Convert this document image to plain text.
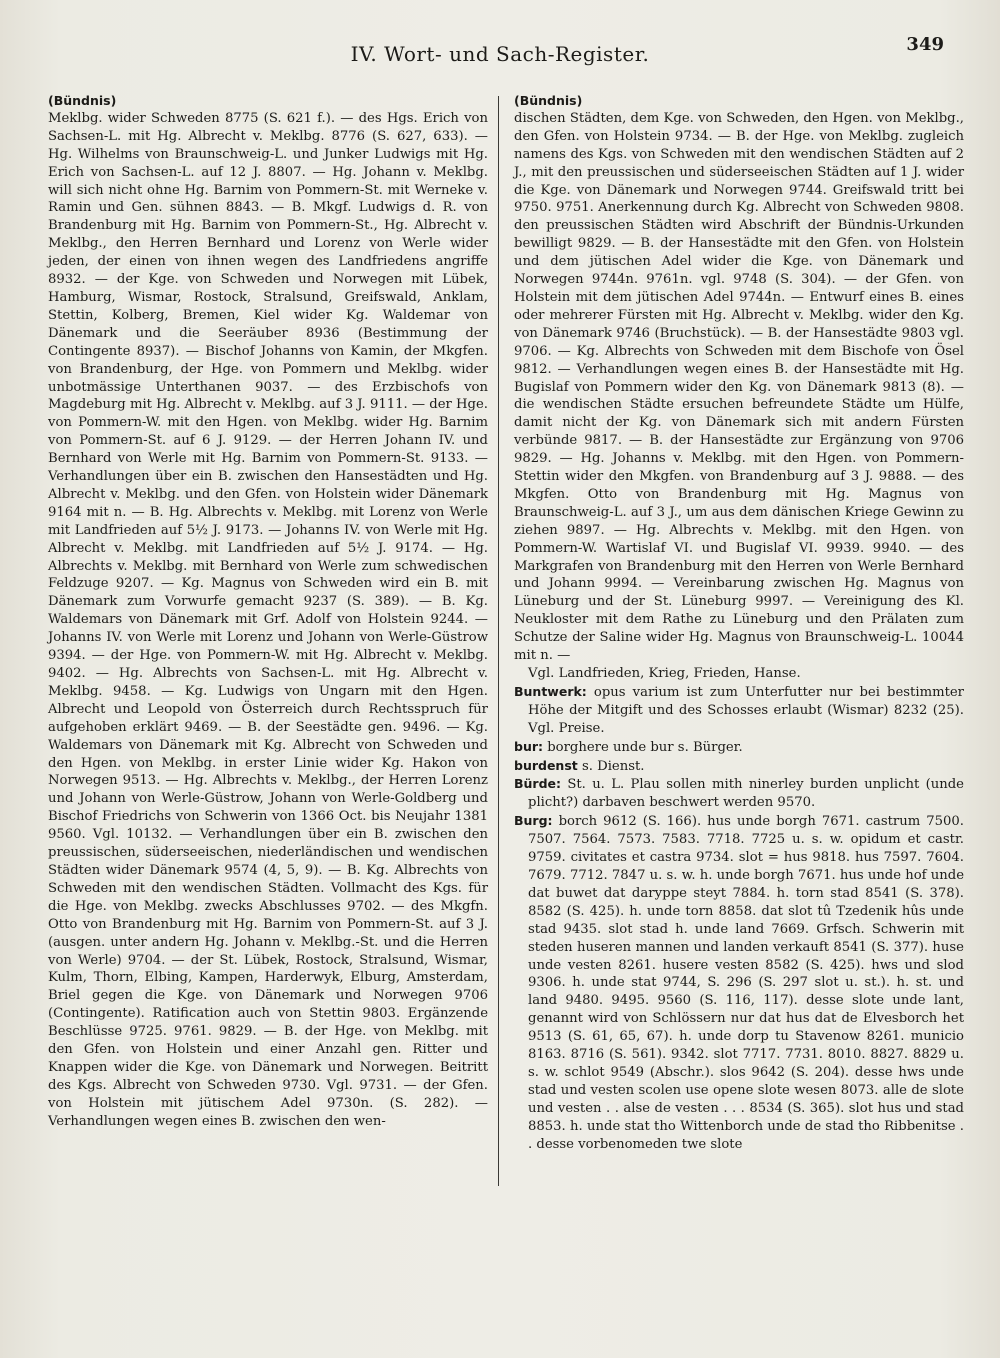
IV. Wort- und Sach-Register.	349
(Bündnis)

Meklbg. wider Schweden 8775 (S. 621 f.). — des Hgs. Erich von Sachsen-L. mit Hg. Albrecht v. Meklbg. 8776 (S. 627, 633). — Hg. Wilhelms von Braunschweig-L. und Junker Ludwigs mit Hg. Erich von Sachsen-L. auf 12 J. 8807. — Hg. Johann v. Meklbg. will sich nicht ohne Hg. Barnim von Pommern-St. mit Werneke v. Ramin und Gen. sühnen 8843. — B. Mkgf. Ludwigs d. R. von Brandenburg mit Hg. Barnim von Pommern-St., Hg. Albrecht v. Meklbg., den Herren Bernhard und Lorenz von Werle wider jeden, der einen von ihnen wegen des Landfriedens angriffe 8932. — der Kge. von Schweden und Norwegen mit Lübek, Hamburg, Wismar, Rostock, Stralsund, Greifswald, Anklam, Stettin, Kolberg, Bremen, Kiel wider Kg. Waldemar von Dänemark und die Seeräuber 8936 (Bestimmung der Contingente 8937). — Bischof Johanns von Kamin, der Mkgfen. von Brandenburg, der Hge. von Pommern und Meklbg. wider unbotmässige Unterthanen 9037. — des Erzbischofs von Magdeburg mit Hg. Albrecht v. Meklbg. auf 3 J. 9111. — der Hge. von Pommern-W. mit den Hgen. von Meklbg. wider Hg. Barnim von Pommern-St. auf 6 J. 9129. — der Herren Johann IV. und Bernhard von Werle mit Hg. Barnim von Pommern-St. 9133. — Verhandlungen über ein B. zwischen den Hansestädten und Hg. Albrecht v. Meklbg. und den Gfen. von Holstein wider Dänemark 9164 mit n. — B. Hg. Albrechts v. Meklbg. mit Lorenz von Werle mit Landfrieden auf 5½ J. 9173. — Johanns IV. von Werle mit Hg. Albrecht v. Meklbg. mit Landfrieden auf 5½ J. 9174. — Hg. Albrechts v. Meklbg. mit Bernhard von Werle zum schwedischen Feldzuge 9207. — Kg. Magnus von Schweden wird ein B. mit Dänemark zum Vorwurfe gemacht 9237 (S. 389). — B. Kg. Waldemars von Dänemark mit Grf. Adolf von Holstein 9244. — Johanns IV. von Werle mit Lorenz und Johann von Werle-Güstrow 9394. — der Hge. von Pommern-W. mit Hg. Albrecht v. Meklbg. 9402. — Hg. Albrechts von Sachsen-L. mit Hg. Albrecht v. Meklbg. 9458. — Kg. Ludwigs von Ungarn mit den Hgen. Albrecht und Leopold von Österreich durch Rechtsspruch für aufgehoben erklärt 9469. — B. der Seestädte gen. 9496. — Kg. Waldemars von Dänemark mit Kg. Albrecht von Schweden und den Hgen. von Meklbg. in erster Linie wider Kg. Hakon von Norwegen 9513. — Hg. Albrechts v. Meklbg., der Herren Lorenz und Johann von Werle-Güstrow, Johann von Werle-Goldberg und Bischof Friedrichs von Schwerin von 1366 Oct. bis Neujahr 1381 9560. Vgl. 10132. — Verhandlungen über ein B. zwischen den preussischen, süderseeischen, niederländischen und wendischen Städten wider Dänemark 9574 (4, 5, 9). — B. Kg. Albrechts von Schweden mit den wendischen Städten. Vollmacht des Kgs. für die Hge. von Meklbg. zwecks Abschlusses 9702. — des Mkgfn. Otto von Brandenburg mit Hg. Barnim von Pommern-St. auf 3 J. (ausgen. unter andern Hg. Johann v. Meklbg.-St. und die Herren von Werle) 9704. — der St. Lübek, Rostock, Stralsund, Wismar, Kulm, Thorn, Elbing, Kampen, Harderwyk, Elburg, Amsterdam, Briel gegen die Kge. von Dänemark und Norwegen 9706 (Contingente). Ratification auch von Stettin 9803. Ergänzende Beschlüsse 9725. 9761. 9829. — B. der Hge. von Meklbg. mit den Gfen. von Holstein und einer Anzahl gen. Ritter und Knappen wider die Kge. von Dänemark und Norwegen. Beitritt des Kgs. Albrecht von Schweden 9730. Vgl. 9731. — der Gfen. von Holstein mit jütischem Adel 9730n. (S. 282). — Verhandlungen wegen eines B. zwischen den wen-

(Bündnis)

dischen Städten, dem Kge. von Schweden, den Hgen. von Meklbg., den Gfen. von Holstein 9734. — B. der Hge. von Meklbg. zugleich namens des Kgs. von Schweden mit den wendischen Städten auf 2 J., mit den preussischen und süderseeischen Städten auf 1 J. wider die Kge. von Dänemark und Norwegen 9744. Greifswald tritt bei 9750. 9751. Anerkennung durch Kg. Albrecht von Schweden 9808. den preussischen Städten wird Abschrift der Bündnis-Urkunden bewilligt 9829. — B. der Hansestädte mit den Gfen. von Holstein und dem jütischen Adel wider die Kge. von Dänemark und Norwegen 9744n. 9761n. vgl. 9748 (S. 304). — der Gfen. von Holstein mit dem jütischen Adel 9744n. — Entwurf eines B. eines oder mehrerer Fürsten mit Hg. Albrecht v. Meklbg. wider den Kg. von Dänemark 9746 (Bruchstück). — B. der Hansestädte 9803 vgl. 9706. — Kg. Albrechts von Schweden mit dem Bischofe von Ösel 9812. — Verhandlungen wegen eines B. der Hansestädte mit Hg. Bugislaf von Pommern wider den Kg. von Dänemark 9813 (8). — die wendischen Städte ersuchen befreundete Städte um Hülfe, damit nicht der Kg. von Dänemark sich mit andern Fürsten verbünde 9817. — B. der Hansestädte zur Ergänzung von 9706 9829. — Hg. Johanns v. Meklbg. mit den Hgen. von Pommern-Stettin wider den Mkgfen. von Brandenburg auf 3 J. 9888. — des Mkgfen. Otto von Brandenburg mit Hg. Magnus von Braunschweig-L. auf 3 J., um aus dem dänischen Kriege Gewinn zu ziehen 9897. — Hg. Albrechts v. Meklbg. mit den Hgen. von Pommern-W. Wartislaf VI. und Bugislaf VI. 9939. 9940. — des Markgrafen von Brandenburg mit den Herren von Werle Bernhard und Johann 9994. — Vereinbarung zwischen Hg. Magnus von Lüneburg und der St. Lüneburg 9997. — Vereinigung des Kl. Neukloster mit dem Rathe zu Lüneburg und den Prälaten zum Schutze der Saline wider Hg. Magnus von Braunschweig-L. 10044 mit n. —

Vgl. Landfrieden, Krieg, Frieden, Hanse.

Buntwerk: opus varium ist zum Unterfutter nur bei bestimmter Höhe der Mitgift und des Schosses erlaubt (Wismar) 8232 (25). Vgl. Preise.

bur: borghere unde bur s. Bürger.

burdenst s. Dienst.

Bürde: St. u. L. Plau sollen mith ninerley burden unplicht (unde plicht?) darbaven beschwert werden 9570.

Burg: borch 9612 (S. 166). hus unde borgh 7671. castrum 7500. 7507. 7564. 7573. 7583. 7718. 7725 u. s. w. opidum et castr. 9759. civitates et castra 9734. slot = hus 9818. hus 7597. 7604. 7679. 7712. 7847 u. s. w. h. unde borgh 7671. hus unde hof unde dat buwet dat darуppe steyt 7884. h. torn stad 8541 (S. 378). 8582 (S. 425). h. unde torn 8858. dat slot tû Tzedenik hûs unde stad 9435. slot stad h. unde land 7669. Grfsch. Schwerin mit steden huseren mannen und landen verkauft 8541 (S. 377). huse unde vesten 8261. husere vesten 8582 (S. 425). hws und slod 9306. h. unde stat 9744, S. 296 (S. 297 slot u. st.). h. st. und land 9480. 9495. 9560 (S. 116, 117). desse slote unde lant, genannt wird von Schlössern nur dat hus dat de Elvesborch het 9513 (S. 61, 65, 67). h. unde dorp tu Stavenow 8261. municio 8163. 8716 (S. 561). 9342. slot 7717. 7731. 8010. 8827. 8829 u. s. w. schlot 9549 (Abschr.). slos 9642 (S. 204). desse hws unde stad und vesten scolen use opene slote wesen 8073. alle de slote und vesten . . alse de vesten . . . 8534 (S. 365). slot hus und stad 8853. h. unde stat tho Wittenborch unde de stad tho Ribbenitse . . desse vorbenomeden twe slote
